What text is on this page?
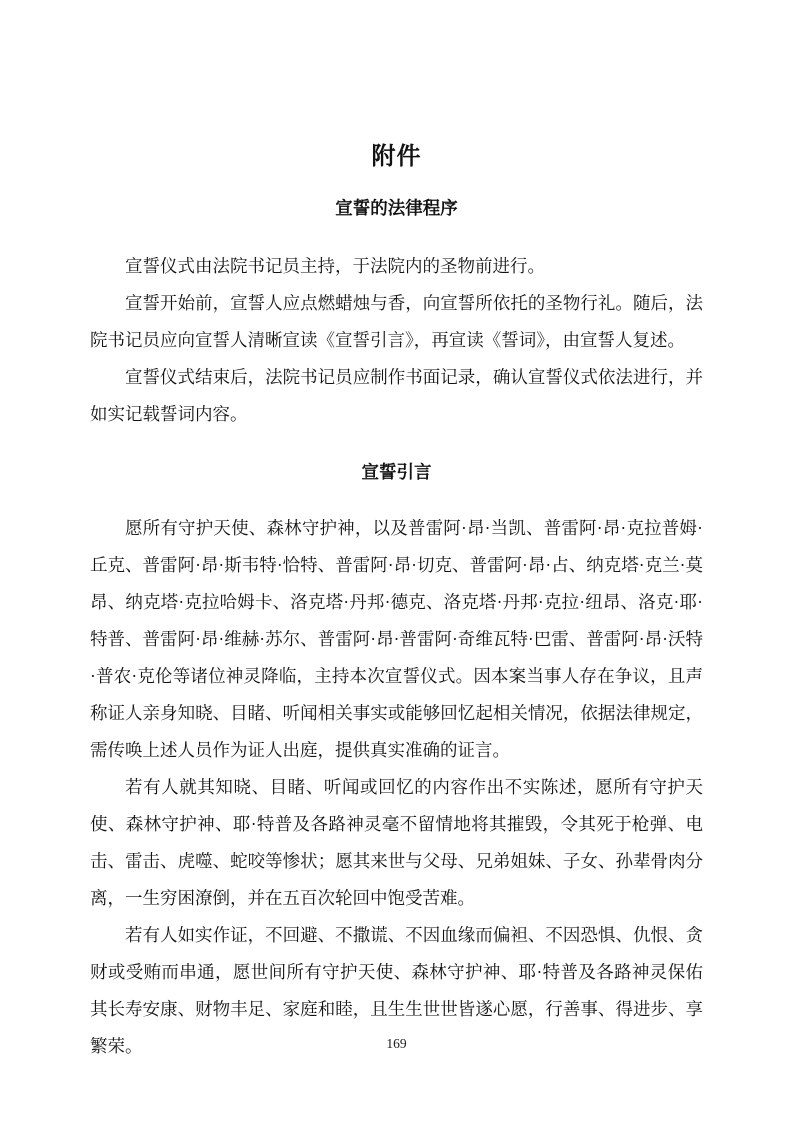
附件
宣誓的法律程序

宣誓仪式由法院书记员主持，于法院内的圣物前进行。

宣誓开始前，宣誓人应点燃蜡烛与香，向宣誓所依托的圣物行礼。随后，法院书记员应向宣誓人清晰宣读《宣誓引言》，再宣读《誓词》，由宣誓人复述。

宣誓仪式结束后，法院书记员应制作书面记录，确认宣誓仪式依法进行，并如实记载誓词内容。

宣誓引言

愿所有守护天使、森林守护神，以及普雷阿·昂·当凯、普雷阿·昂·克拉普姆·丘克、普雷阿·昂·斯韦特·恰特、普雷阿·昂·切克、普雷阿·昂·占、纳克塔·克兰·莫昂、纳克塔·克拉哈姆卡、洛克塔·丹邦·德克、洛克塔·丹邦·克拉·纽昂、洛克·耶·特普、普雷阿·昂·维赫·苏尔、普雷阿·昂·普雷阿·奇维瓦特·巴雷、普雷阿·昂·沃特·普农·克伦等诸位神灵降临，主持本次宣誓仪式。因本案当事人存在争议，且声称证人亲身知晓、目睹、听闻相关事实或能够回忆起相关情况，依据法律规定，需传唤上述人员作为证人出庭，提供真实准确的证言。

若有人就其知晓、目睹、听闻或回忆的内容作出不实陈述，愿所有守护天使、森林守护神、耶·特普及各路神灵毫不留情地将其摧毁，令其死于枪弹、电击、雷击、虎噬、蛇咬等惨状；愿其来世与父母、兄弟姐妹、子女、孙辈骨肉分离，一生穷困潦倒，并在五百次轮回中饱受苦难。

若有人如实作证，不回避、不撒谎、不因血缘而偏袒、不因恐惧、仇恨、贪财或受贿而串通，愿世间所有守护天使、森林守护神、耶·特普及各路神灵保佑其长寿安康、财物丰足、家庭和睦，且生生世世皆遂心愿，行善事、得进步、享繁荣。	169
